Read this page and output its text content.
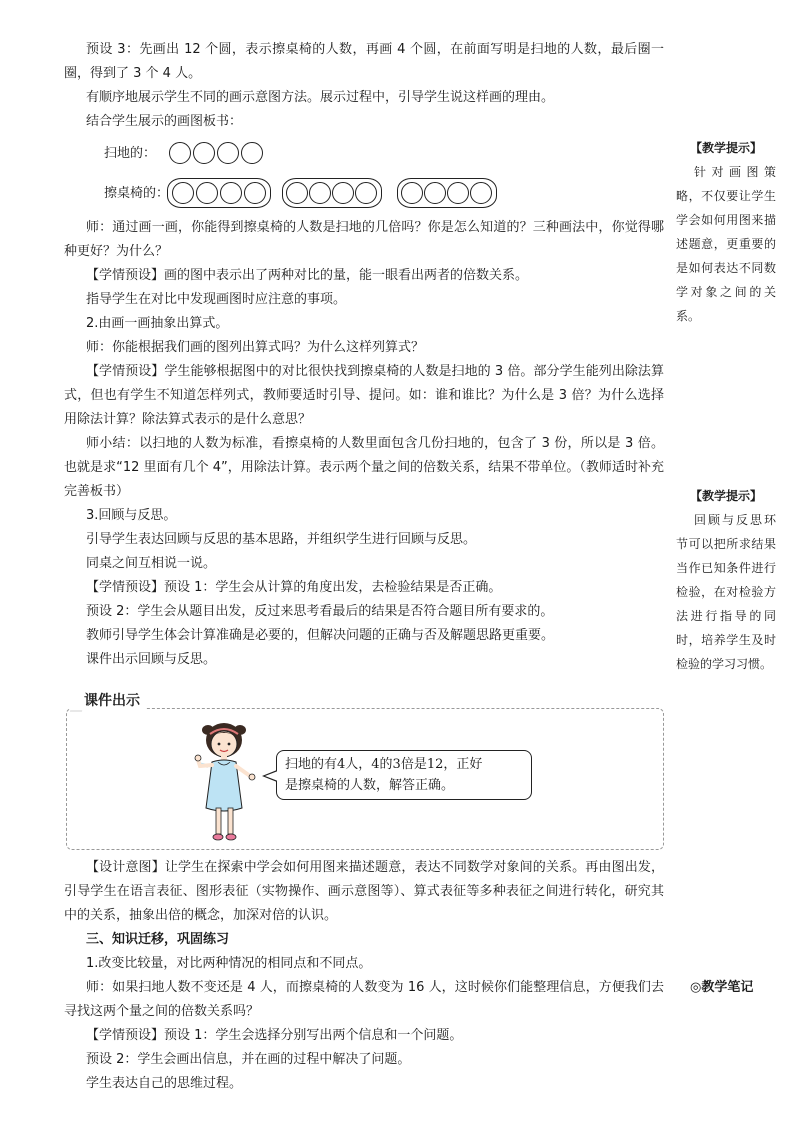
预设 3：先画出 12 个圆，表示擦桌椅的人数，再画 4 个圆，在前面写明是扫地的人数，最后圈一圈，得到了 3 个 4 人。

有顺序地展示学生不同的画示意图方法。展示过程中，引导学生说这样画的理由。

结合学生展示的画图板书：

扫地的：
擦桌椅的：

师：通过画一画，你能得到擦桌椅的人数是扫地的几倍吗？你是怎么知道的？三种画法中，你觉得哪种更好？为什么？

【学情预设】画的图中表示出了两种对比的量，能一眼看出两者的倍数关系。

指导学生在对比中发现画图时应注意的事项。

2.由画一画抽象出算式。

师：你能根据我们画的图列出算式吗？为什么这样列算式？

【学情预设】学生能够根据图中的对比很快找到擦桌椅的人数是扫地的 3 倍。部分学生能列出除法算式，但也有学生不知道怎样列式，教师要适时引导、提问。如：谁和谁比？为什么是 3 倍？为什么选择用除法计算？除法算式表示的是什么意思？

师小结：以扫地的人数为标准，看擦桌椅的人数里面包含几份扫地的，包含了 3 份，所以是 3 倍。也就是求“12 里面有几个 4”，用除法计算。表示两个量之间的倍数关系，结果不带单位。（教师适时补充完善板书）

3.回顾与反思。

引导学生表达回顾与反思的基本思路，并组织学生进行回顾与反思。

同桌之间互相说一说。

【学情预设】预设 1：学生会从计算的角度出发，去检验结果是否正确。

预设 2：学生会从题目出发，反过来思考看最后的结果是否符合题目所有要求的。

教师引导学生体会计算准确是必要的，但解决问题的正确与否及解题思路更重要。

课件出示回顾与反思。

课件出示
扫地的有4人，4的3倍是12，正好
是擦桌椅的人数，解答正确。

【设计意图】让学生在探索中学会如何用图来描述题意，表达不同数学对象间的关系。再由图出发，引导学生在语言表征、图形表征（实物操作、画示意图等）、算式表征等多种表征之间进行转化，研究其中的关系，抽象出倍的概念，加深对倍的认识。

三、知识迁移，巩固练习

1.改变比较量，对比两种情况的相同点和不同点。

师：如果扫地人数不变还是 4 人，而擦桌椅的人数变为 16 人，这时候你们能整理信息，方便我们去寻找这两个量之间的倍数关系吗？

【学情预设】预设 1：学生会选择分别写出两个信息和一个问题。

预设 2：学生会画出信息，并在画的过程中解决了问题。

学生表达自己的思维过程。

【教学提示】

针对画图策略，不仅要让学生学会如何用图来描述题意，更重要的是如何表达不同数学对象之间的关系。

【教学提示】

回顾与反思环节可以把所求结果当作已知条件进行检验，在对检验方法进行指导的同时，培养学生及时检验的学习习惯。

◎教学笔记
